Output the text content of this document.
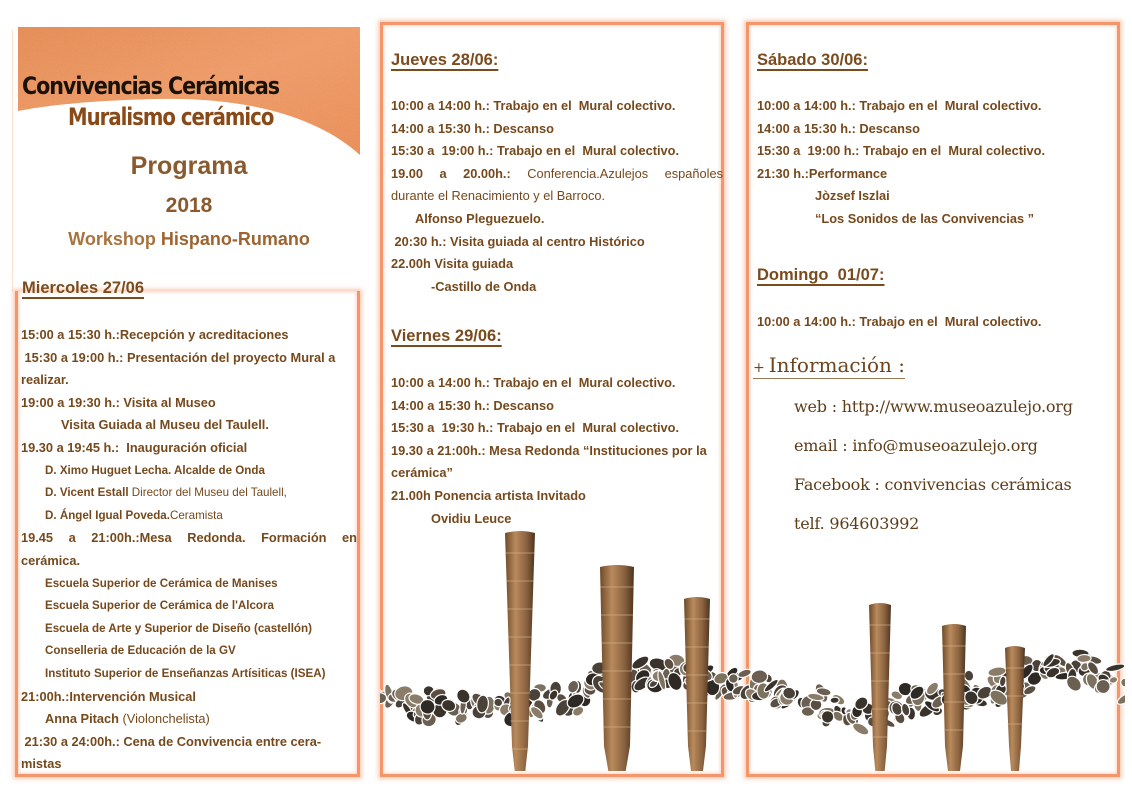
Convivencias Cerámicas
Muralismo cerámico
Programa
2018
Workshop Hispano-Rumano
Miercoles 27/06
15:00 a 15:30 h.:Recepción y acreditaciones
15:30 a 19:00 h.: Presentación del proyecto Mural a
realizar.
19:00 a 19:30 h.: Visita al Museo
Visita Guiada al Museu del Taulell.
19.30 a 19:45 h.:  Inauguración oficial
D. Ximo Huguet Lecha. Alcalde de Onda
D. Vicent Estall Director del Museu del Taulell,
D. Ángel Igual Poveda.Ceramista
19.45 a 21:00h.:Mesa Redonda. Formación en
cerámica.
Escuela Superior de Cerámica de Manises
Escuela Superior de Cerámica de l'Alcora
Escuela de Arte y Superior de Diseño (castellón)
Conselleria de Educación de la GV
Instituto Superior de Enseñanzas Artísiticas (ISEA)
21:00h.:Intervención Musical
Anna Pitach (Violonchelista)
21:30 a 24:00h.: Cena de Convivencia entre cera-
mistas
Jueves 28/06:
10:00 a 14:00 h.: Trabajo en el  Mural colectivo.
14:00 a 15:30 h.: Descanso
15:30 a  19:00 h.: Trabajo en el  Mural colectivo.
19.00 a 20.00h.: Conferencia.Azulejos españoles
durante el Renacimiento y el Barroco.
Alfonso Pleguezuelo.
20:30 h.: Visita guiada al centro Histórico
22.00h Visita guiada
-Castillo de Onda
Viernes 29/06:
10:00 a 14:00 h.: Trabajo en el  Mural colectivo.
14:00 a 15:30 h.: Descanso
15:30 a  19:30 h.: Trabajo en el  Mural colectivo.
19.30 a 21:00h.: Mesa Redonda “Instituciones por la
cerámica”
21.00h Ponencia artista Invitado
Ovidiu Leuce
Sábado 30/06:
10:00 a 14:00 h.: Trabajo en el  Mural colectivo.
14:00 a 15:30 h.: Descanso
15:30 a  19:00 h.: Trabajo en el  Mural colectivo.
21:30 h.:Performance
Jòzsef Iszlai
“Los Sonidos de las Convivencias ”
Domingo  01/07:
10:00 a 14:00 h.: Trabajo en el  Mural colectivo.
+ Información :
web : http://www.museoazulejo.org
email : info@museoazulejo.org
Facebook : convivencias cerámicas
telf. 964603992
